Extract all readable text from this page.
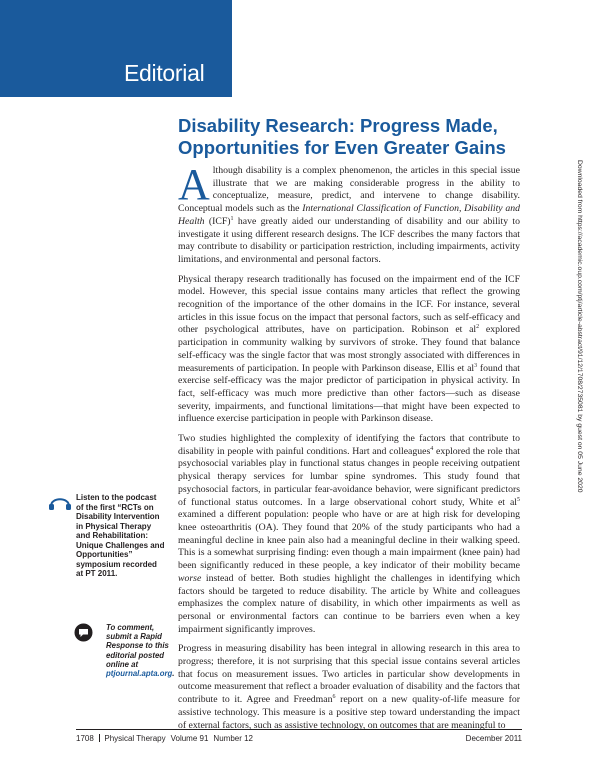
Editorial
Disability Research: Progress Made,
Opportunities for Even Greater Gains

Although disability is a complex phenomenon, the articles in this special issue illustrate that we are making considerable progress in the ability to conceptualize, measure, predict, and intervene to change disability. Conceptual models such as the International Classification of Function, Disability and Health (ICF)$^1$ have greatly aided our understanding of disability and our ability to investigate it using different research designs. The ICF describes the many factors that may contribute to disability or participation restriction, including impairments, activity limitations, and environmental and personal factors.

Physical therapy research traditionally has focused on the impairment end of the ICF model. However, this special issue contains many articles that reflect the growing recognition of the importance of the other domains in the ICF. For instance, several articles in this issue focus on the impact that personal factors, such as self-efficacy and other psychological attributes, have on participation. Robinson et $al^2$ explored participation in community walking by survivors of stroke. They found that balance self-efficacy was the single factor that was most strongly associated with differences in measurements of participation. In people with Parkinson disease, Ellis et $al^3$ found that exercise self-efficacy was the major predictor of participation in physical activity. In fact, self-efficacy was much more predictive than other factors—such as disease severity, impairments, and functional limitations—that might have been expected to influence exercise participation in people with Parkinson disease.

Two studies highlighted the complexity of identifying the factors that contribute to disability in people with painful conditions. Hart and colleagues$^4$ explored the role that psychosocial variables play in functional status changes in people receiving outpatient physical therapy services for lumbar spine syndromes. This study found that psychosocial factors, in particular fear-avoidance behavior, were significant predictors of functional status outcomes. In a large observational cohort study, White et $al^5$ examined a different population: people who have or are at high risk for developing knee osteoarthritis (OA). They found that 20% of the study participants who had a meaningful decline in knee pain also had a meaningful decline in their walking speed. This is a somewhat surprising finding: even though a main impairment (knee pain) had been significantly reduced in these people, a key indicator of their mobility became worse instead of better. Both studies highlight the challenges in identifying which factors should be targeted to reduce disability. The article by White and colleagues emphasizes the complex nature of disability, in which other impairments as well as personal or environmental factors can continue to be barriers even when a key impairment significantly improves.

Progress in measuring disability has been integral in allowing research in this area to progress; therefore, it is not surprising that this special issue contains several articles that focus on measurement issues. Two articles in particular show developments in outcome measurement that reflect a broader evaluation of disability and the factors that contribute to it. Agree and Freedman$^6$ report on a new quality-of-life measure for assistive technology. This measure is a positive step toward understanding the impact of external factors, such as assistive technology, on outcomes that are meaningful to

Listen to the podcast of the first “RCTs on Disability Intervention in Physical Therapy and Rehabilitation: Unique Challenges and Opportunities” symposium recorded at PT 2011.
To comment, submit a Rapid Response to this editorial posted online at ptjournal.apta.org.
Downloaded from https://academic.oup.com/ptj/article-abstract/91/12/1708/2735081 by guest on 05 June 2020
1708 Physical Therapy Volume 91 Number 12	December 2011
